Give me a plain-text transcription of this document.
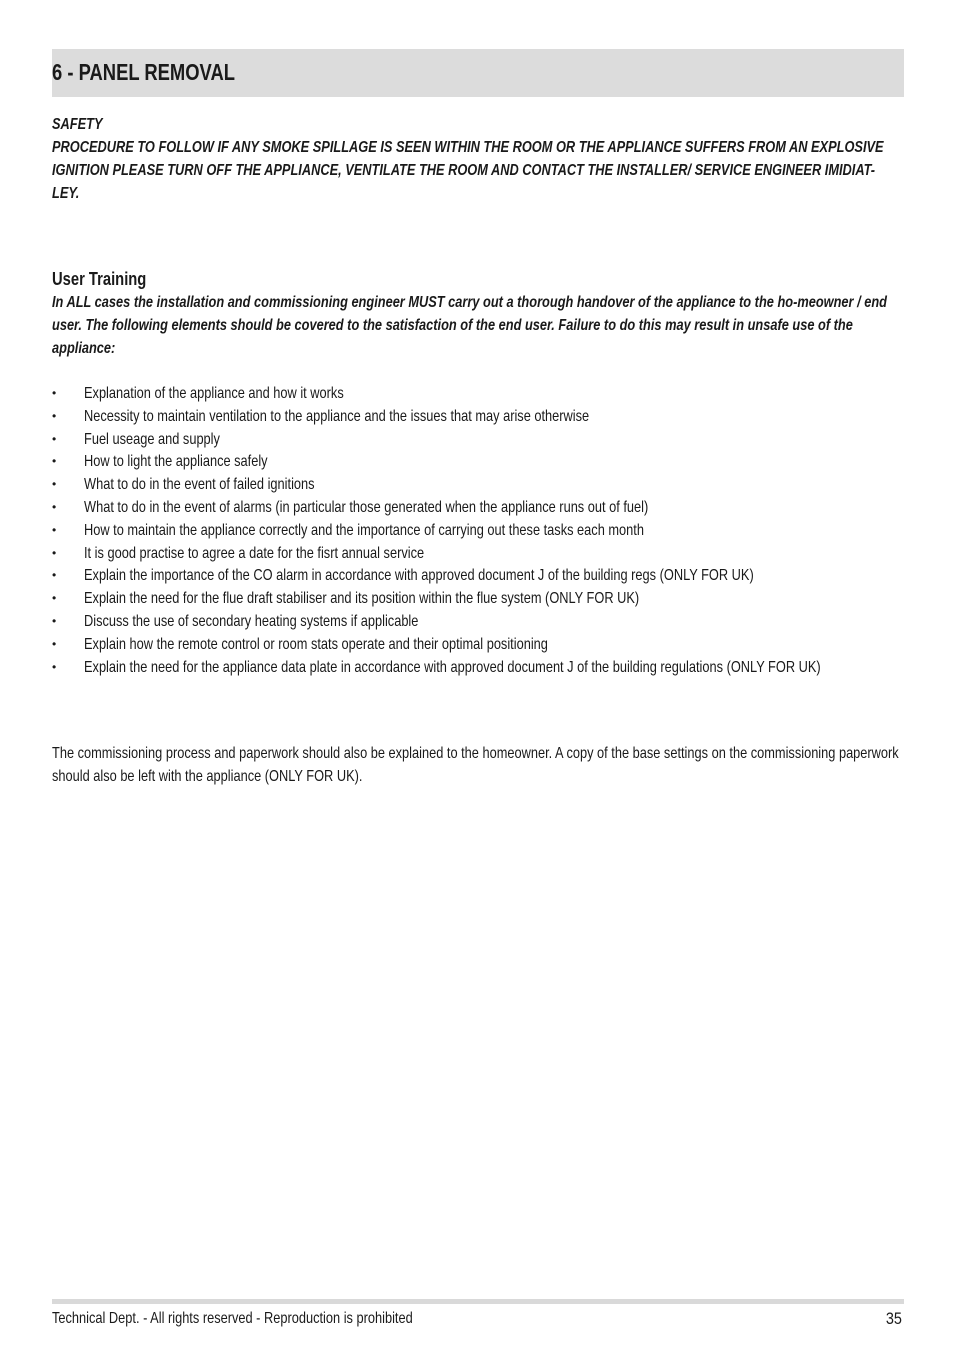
6 - PANEL REMOVAL

SAFETY

PROCEDURE TO FOLLOW IF ANY SMOKE SPILLAGE IS SEEN WITHIN THE ROOM OR THE APPLIANCE SUFFERS FROM AN EXPLOSIVE IGNITION PLEASE TURN OFF THE APPLIANCE, VENTILATE THE ROOM AND CONTACT THE INSTALLER/ SERVICE ENGINEER IMIDIAT-LEY.

User Training

In ALL cases the installation and commissioning engineer MUST carry out a thorough handover of the appliance to the ho-meowner / end user. The following elements should be covered to the satisfaction of the end user. Failure to do this may result in unsafe use of the appliance:

• Explanation of the appliance and how it works
• Necessity to maintain ventilation to the appliance and the issues that may arise otherwise
• Fuel useage and supply
• How to light the appliance safely
• What to do in the event of failed ignitions
• What to do in the event of alarms (in particular those generated when the appliance runs out of fuel)
• How to maintain the appliance correctly and the importance of carrying out these tasks each month
• It is good practise to agree a date for the fisrt annual service
• Explain the importance of the CO alarm in accordance with approved document J of the building regs (ONLY FOR UK)
• Explain the need for the flue draft stabiliser and its position within the flue system (ONLY FOR UK)
• Discuss the use of secondary heating systems if applicable
• Explain how the remote control or room stats operate and their optimal positioning
• Explain the need for the appliance data plate in accordance with approved document J of the building regulations (ONLY FOR UK)

The commissioning process and paperwork should also be explained to the homeowner. A copy of the base settings on the commissioning paperwork should also be left with the appliance (ONLY FOR UK).

Technical Dept. - All rights reserved - Reproduction is prohibited	35
